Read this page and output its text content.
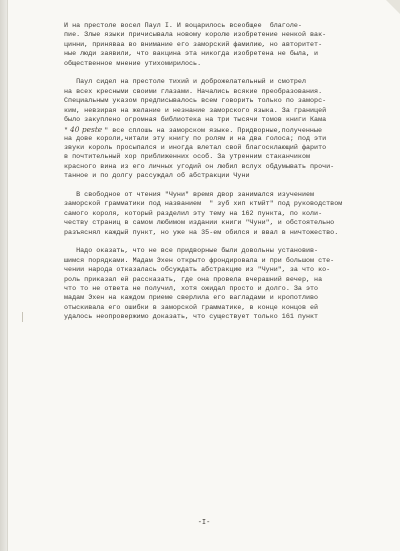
И на престоле восел Паул I. И воцарилось всеобщее  благоле-
пие. Злые языки причисывала новому королю изобретение ненкой вак-
цинни, приняваа во внимание его заморский фамилию, но авторитет-
ные люди заявили, что вакцина эта никогда изобретена не была, и
общественное мнение утихомирилось.
Паул сидел на престоле тихий и доброжелательный и смотрел
на всех кресными своими глазами. Начались всякие преобразования.
Специальным указом предписывалось всем говорить только по заморс-
ким, невзирая на желание и незнание заморского языка. За границей
было закуплено огромная библиотека на три тысячи томов книги Кама
" 40 peste " все сплошь на заморском языке. Придворные,полученные
на дове короли,читали эту книгу по ролям и на два голоса; под эти
звуки король просыпался и иногда влетал свой благосклающий фарито
в почтительный хор приближенних особ. За утренним стаканчиком
красного вина из его личных угодий он любил вслух обдумывать прочи-
танное и по долгу рассуждал об абстракции Чуни
В свободное от чтения "Чуни" время двор занимался изучением
заморской грамматики под названием  " зуб хип ктмйт" под руководством
самого короля, который разделил эту тему на 162 пункта, по коли-
честву страниц в самом любимом издании книги "Чуни", и обстоятельно
разъяснял каждый пункт, но уже на 35-ем обился и ввал в ничтожество.
Надо оказать, что не все придворные были довольны установив-
шимся порядками. Мадам Эхен открыто фрондировала и при большом сте-
чении народа отказалась обсуждать абстракцию из "Чуни", за что ко-
роль приказал ей рассказать, где она провела вчерашний вечер, на
что то не ответа не получил, хотя ожидал просто и долго. За это
мадам Эхен на каждом приеме сверлила его вагладами и кропотливо
отыскивала его ошибки в заморской грамматике, в конце концов ей
удалось неопровержимо доказать, что существует только 161 пункт
-I-
